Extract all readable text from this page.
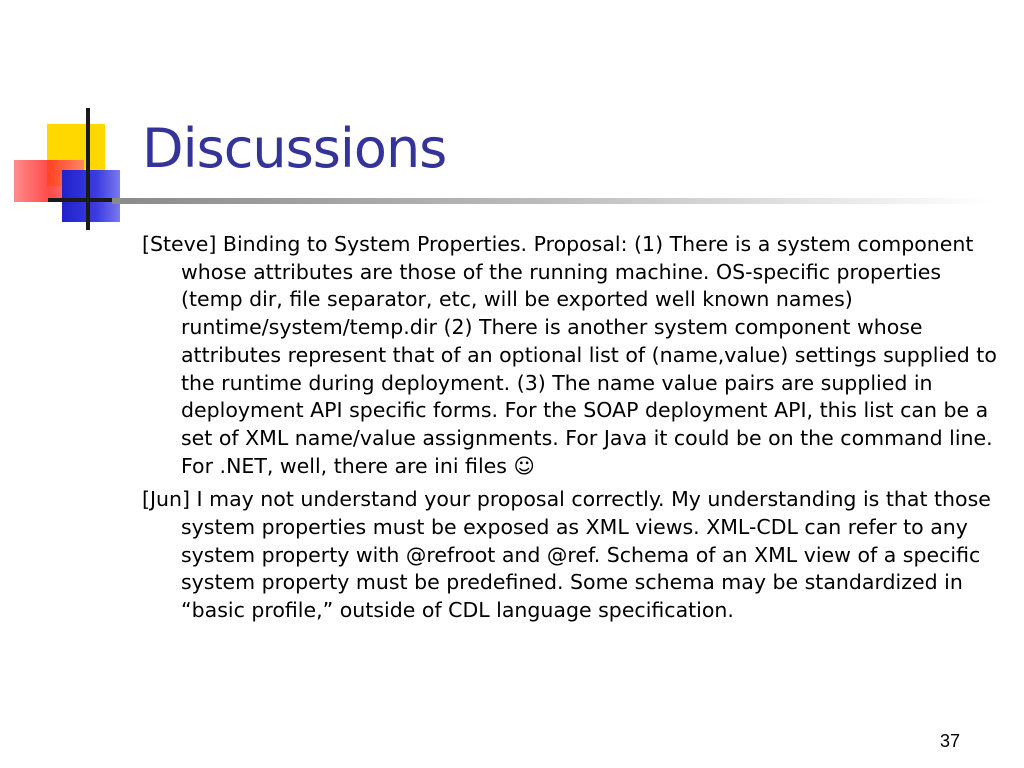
Discussions

[Steve] Binding to System Properties. Proposal: (1) There is a system component whose attributes are those of the running machine. OS-specific properties (temp dir, file separator, etc, will be exported well known names) runtime/system/temp.dir (2) There is another system component whose attributes represent that of an optional list of (name,value) settings supplied to the runtime during deployment. (3) The name value pairs are supplied in deployment API specific forms. For the SOAP deployment API, this list can be a set of XML name/value assignments. For Java it could be on the command line. For .NET, well, there are ini files ☺

[Jun] I may not understand your proposal correctly. My understanding is that those system properties must be exposed as XML views. XML-CDL can refer to any system property with @refroot and @ref. Schema of an XML view of a specific system property must be predefined. Some schema may be standardized in “basic profile,” outside of CDL language specification.

37
